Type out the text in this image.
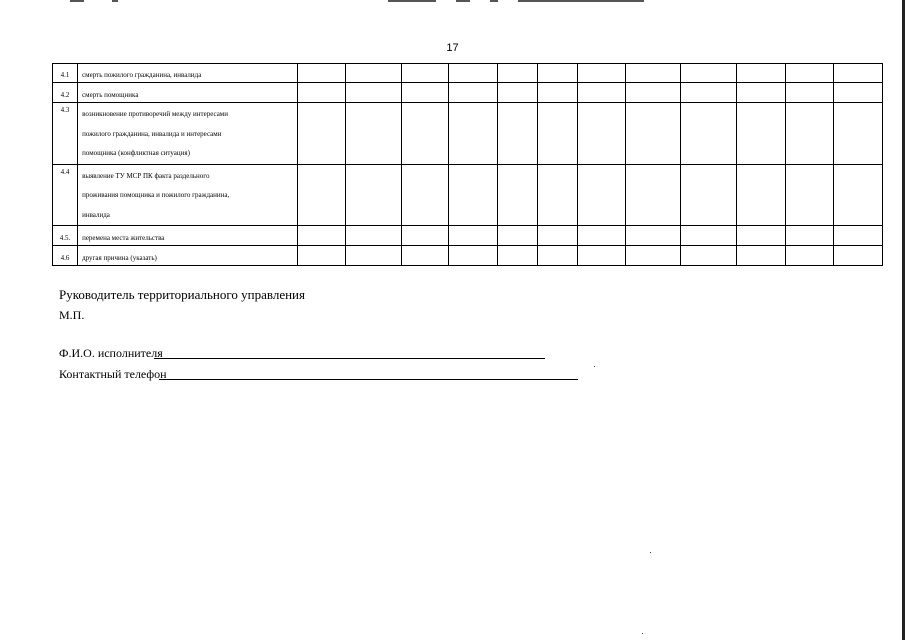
17
4.1	смерть пожилого гражданина, инвалида												

4.2	смерть помощника												

4.3	возникновение противоречий между интересами
пожилого гражданина, инвалида и интересами
помощника (конфликтная ситуация)												

4.4	выявление ТУ МСР ПК факта раздельного
проживания помощника и пожилого гражданина,
инвалида												

4.5.	перемена места жительства												

4.6	другая причина (указать)												

Руководитель территориального управления
М.П.
Ф.И.О. исполнителя
Контактный телефон
